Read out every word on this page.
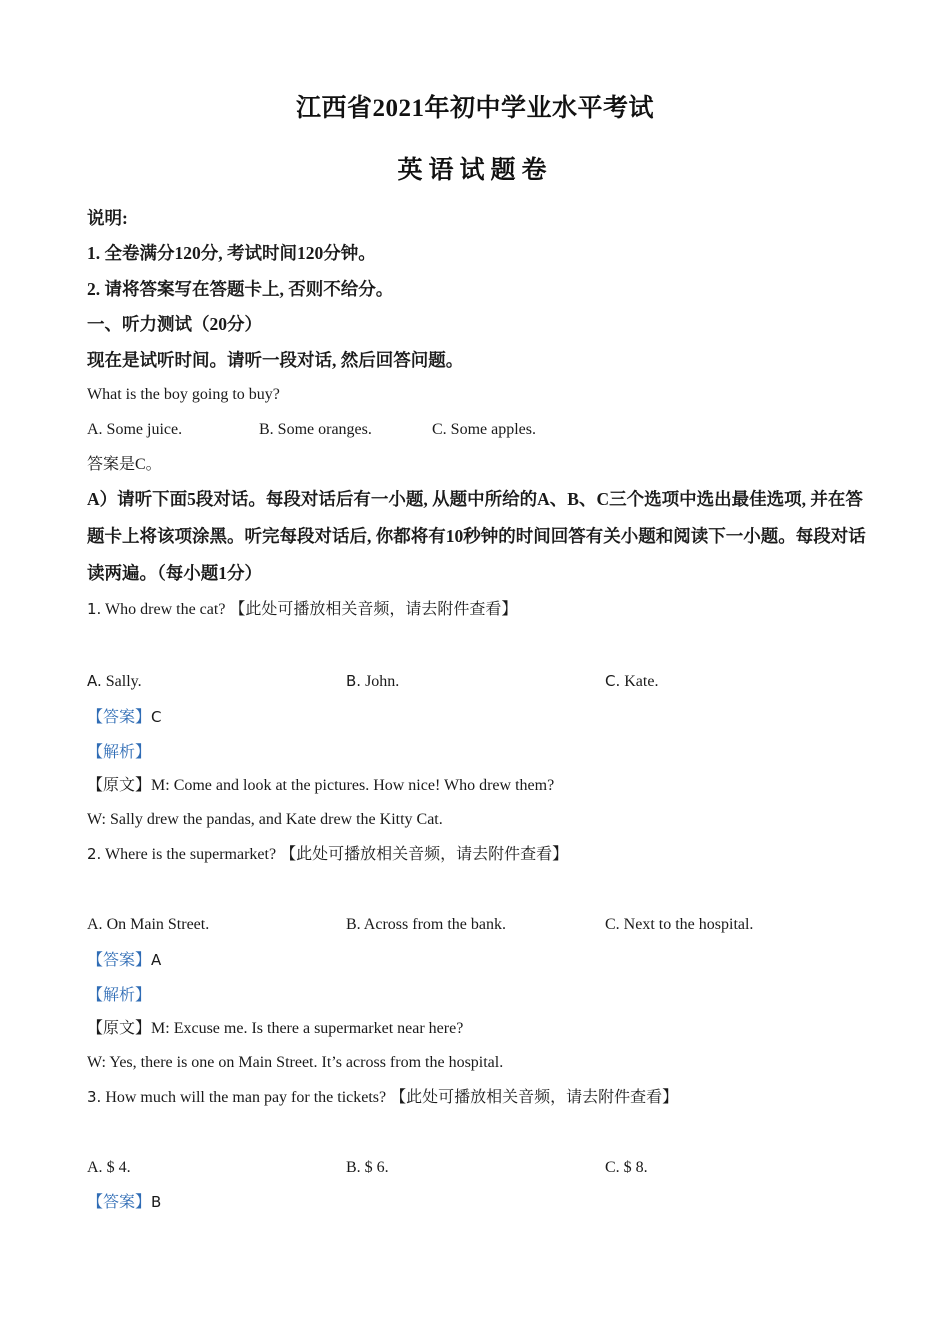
江西省2021年初中学业水平考试
英语试题卷
说明:
1. 全卷满分120分, 考试时间120分钟。
2. 请将答案写在答题卡上, 否则不给分。
一、听力测试（20分）
现在是试听时间。请听一段对话, 然后回答问题。
What is the boy going to buy?
A. Some juice.	B. Some oranges.	C. Some apples.
答案是C。
A）请听下面5段对话。每段对话后有一小题, 从题中所给的A、B、C三个选项中选出最佳选项, 并在答题卡上将该项涂黑。听完每段对话后, 你都将有10秒钟的时间回答有关小题和阅读下一小题。每段对话读两遍。（每小题1分）
1. Who drew the cat? 【此处可播放相关音频，请去附件查看】
A. Sally.	B. John.	C. Kate.
【答案】C
【解析】
【原文】M: Come and look at the pictures. How nice! Who drew them?
W: Sally drew the pandas, and Kate drew the Kitty Cat.
2. Where is the supermarket? 【此处可播放相关音频，请去附件查看】
A. On Main Street.	B. Across from the bank.	C. Next to the hospital.
【答案】A
【解析】
【原文】M: Excuse me. Is there a supermarket near here?
W: Yes, there is one on Main Street. It’s across from the hospital.
3. How much will the man pay for the tickets? 【此处可播放相关音频，请去附件查看】
A. $ 4.	B. $ 6.	C. $ 8.
【答案】B
